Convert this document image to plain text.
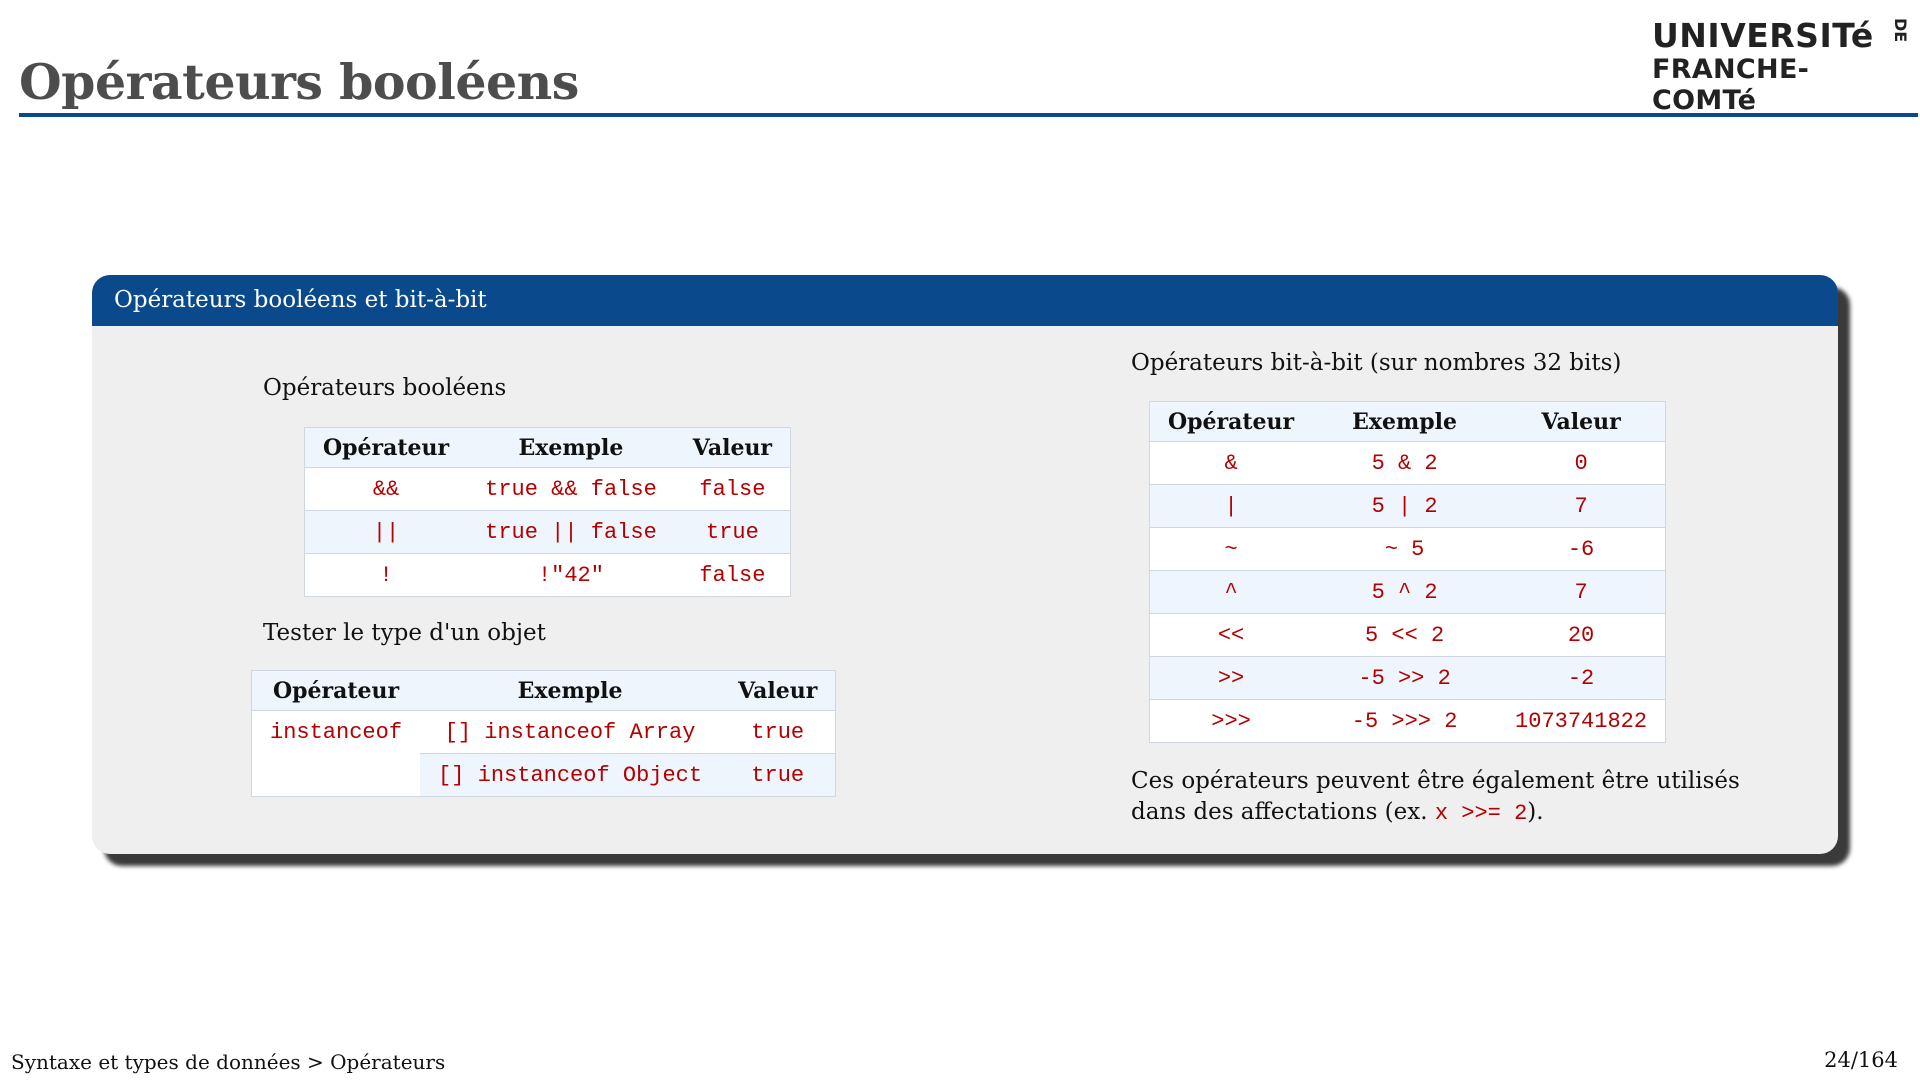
Opérateurs booléens
UNIVERSITé DE
FRANCHE-COMTé
Opérateurs booléens et bit-à-bit
Opérateurs booléens
Opérateur	Exemple	Valeur
&&	true && false	false
||	true || false	true
!	!"42"	false
Tester le type d'un objet
Opérateur	Exemple	Valeur
instanceof	[] instanceof Array	true
	[] instanceof Object	true
Opérateurs bit-à-bit (sur nombres 32 bits)
Opérateur	Exemple	Valeur
&	5 & 2	0
|	5 | 2	7
~	~ 5	-6
^	5 ^ 2	7
<<	5 << 2	20
>>	-5 >> 2	-2
>>>	-5 >>> 2	1073741822
Ces opérateurs peuvent être également être utilisés
dans des affectations (ex. x >>= 2).
Syntaxe et types de données > Opérateurs	24/164
